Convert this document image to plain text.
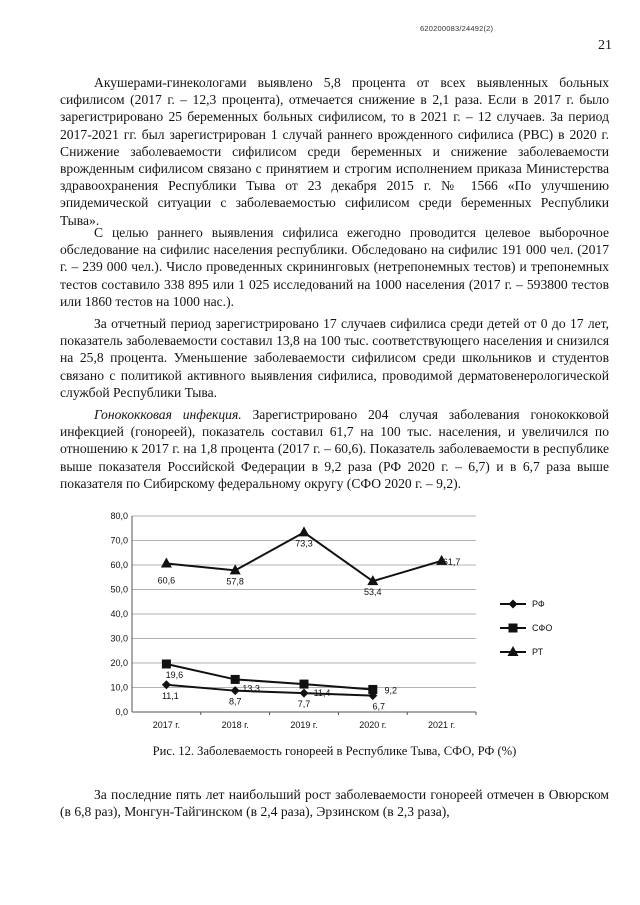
620200083/24492(2)
21

Акушерами-гинекологами выявлено 5,8 процента от всех выявленных больных сифилисом (2017 г. – 12,3 процента), отмечается снижение в 2,1 раза. Если в 2017 г. было зарегистрировано 25 беременных больных сифилисом, то в 2021 г. – 12 случаев. За период 2017-2021 гг. был зарегистрирован 1 случай раннего врожденного сифилиса (РВС) в 2020 г. Снижение заболеваемости сифилисом среди беременных и снижение заболеваемости врожденным сифилисом связано с принятием и строгим исполнением приказа Министерства здравоохранения Республики Тыва от 23 декабря 2015 г. № 1566 «По улучшению эпидемической ситуации с заболеваемостью сифилисом среди беременных Республики Тыва».

С целью раннего выявления сифилиса ежегодно проводится целевое выборочное обследование на сифилис населения республики. Обследовано на сифилис 191 000 чел. (2017 г. – 239 000 чел.). Число проведенных скрининговых (нетрепонемных тестов) и трепонемных тестов составило 338 895 или 1 025 исследований на 1000 населения (2017 г. – 593800 тестов или 1860 тестов на 1000 нас.).

За отчетный период зарегистрировано 17 случаев сифилиса среди детей от 0 до 17 лет, показатель заболеваемости составил 13,8 на 100 тыс. соответствующего населения и снизился на 25,8 процента. Уменьшение заболеваемости сифилисом среди школьников и студентов связано с политикой активного выявления сифилиса, проводимой дерматовенерологической службой Республики Тыва.

Гонококковая инфекция. Зарегистрировано 204 случая заболевания гонококковой инфекцией (гонореей), показатель составил 61,7 на 100 тыс. населения, и увеличился по отношению к 2017 г. на 1,8 процента (2017 г. – 60,6). Показатель заболеваемости в республике выше показателя Российской Федерации в 9,2 раза (РФ 2020 г. – 6,7) и в 6,7 раза выше показателя по Сибирскому федеральному округу (СФО 2020 г. – 9,2).

0,0
10,0
20,0
30,0
40,0
50,0
60,0
70,0
80,0
2017 г.	2018 г.	2019 г.	2020 г.	2021 г.
11,1
8,7	7,7	6,7
19,6
13,3	11,4	9,2
60,6	57,8
73,3
53,4
61,7
РФ
СФО
РТ
Рис. 12. Заболеваемость гонореей в Республике Тыва, СФО, РФ (%)

За последние пять лет наибольший рост заболеваемости гонореей отмечен в Овюрском (в 6,8 раз), Монгун-Тайгинском (в 2,4 раза), Эрзинском (в 2,3 раза),
